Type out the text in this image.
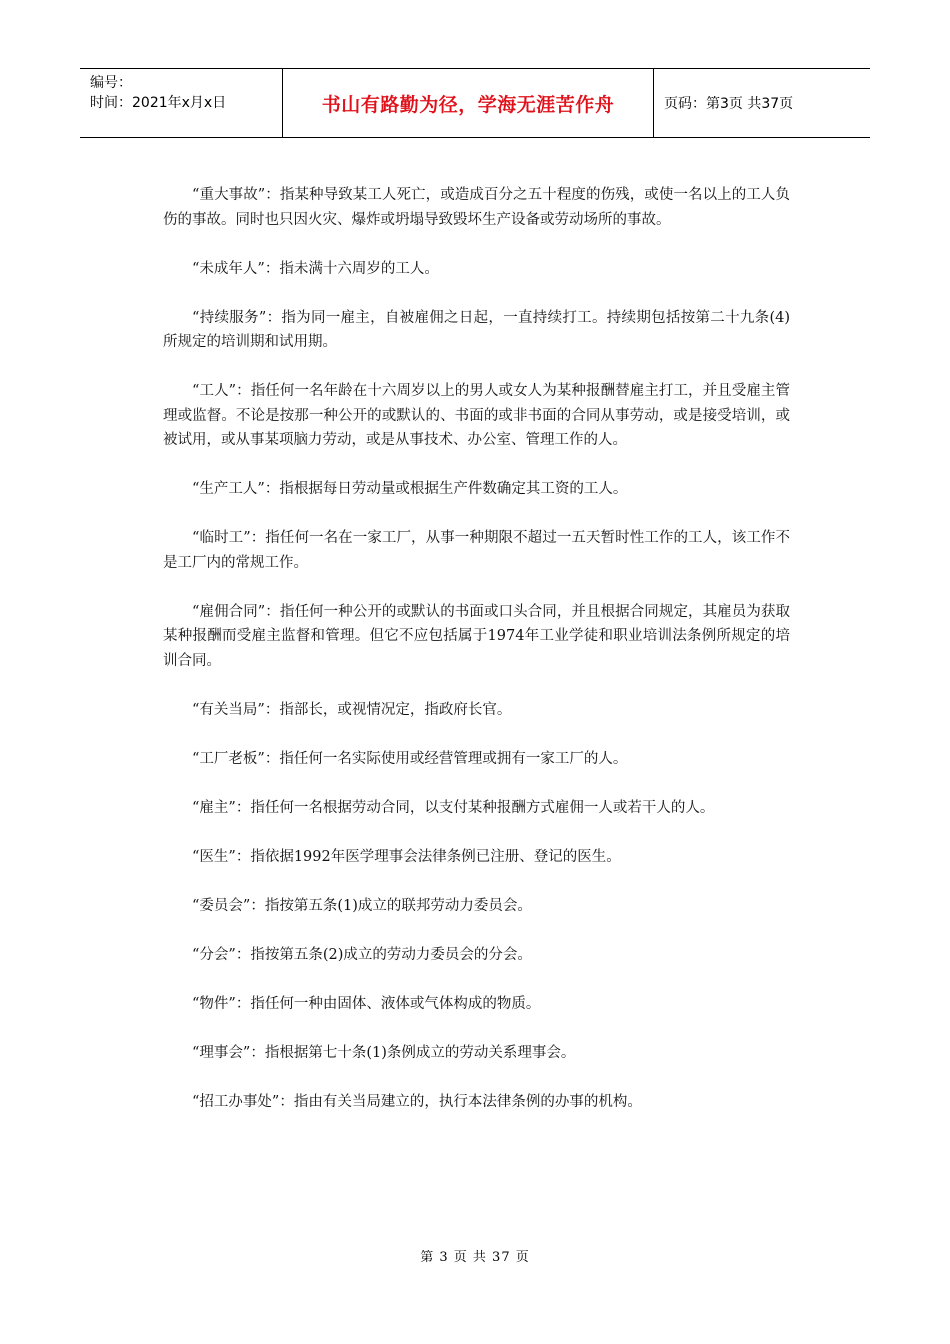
编号：
时间：2021年x月x日	书山有路勤为径，学海无涯苦作舟	页码：第3页 共37页

“重大事故”：指某种导致某工人死亡，或造成百分之五十程度的伤残，或使一名以上的工人负伤的事故。同时也只因火灾、爆炸或坍塌导致毁坏生产设备或劳动场所的事故。

“未成年人”：指未满十六周岁的工人。

“持续服务”：指为同一雇主，自被雇佣之日起，一直持续打工。持续期包括按第二十九条(4)所规定的培训期和试用期。

“工人”：指任何一名年龄在十六周岁以上的男人或女人为某种报酬替雇主打工，并且受雇主管理或监督。不论是按那一种公开的或默认的、书面的或非书面的合同从事劳动，或是接受培训，或被试用，或从事某项脑力劳动，或是从事技术、办公室、管理工作的人。

“生产工人”：指根据每日劳动量或根据生产件数确定其工资的工人。

“临时工”：指任何一名在一家工厂，从事一种期限不超过一五天暂时性工作的工人，该工作不是工厂内的常规工作。

“雇佣合同”：指任何一种公开的或默认的书面或口头合同，并且根据合同规定，其雇员为获取某种报酬而受雇主监督和管理。但它不应包括属于1974年工业学徒和职业培训法条例所规定的培训合同。

“有关当局”：指部长，或视情况定，指政府长官。

“工厂老板”：指任何一名实际使用或经营管理或拥有一家工厂的人。

“雇主”：指任何一名根据劳动合同，以支付某种报酬方式雇佣一人或若干人的人。

“医生”：指依据1992年医学理事会法律条例已注册、登记的医生。

“委员会”：指按第五条(1)成立的联邦劳动力委员会。

“分会”：指按第五条(2)成立的劳动力委员会的分会。

“物件”：指任何一种由固体、液体或气体构成的物质。

“理事会”：指根据第七十条(1)条例成立的劳动关系理事会。

“招工办事处”：指由有关当局建立的，执行本法律条例的办事的机构。

第 3 页 共 37 页
